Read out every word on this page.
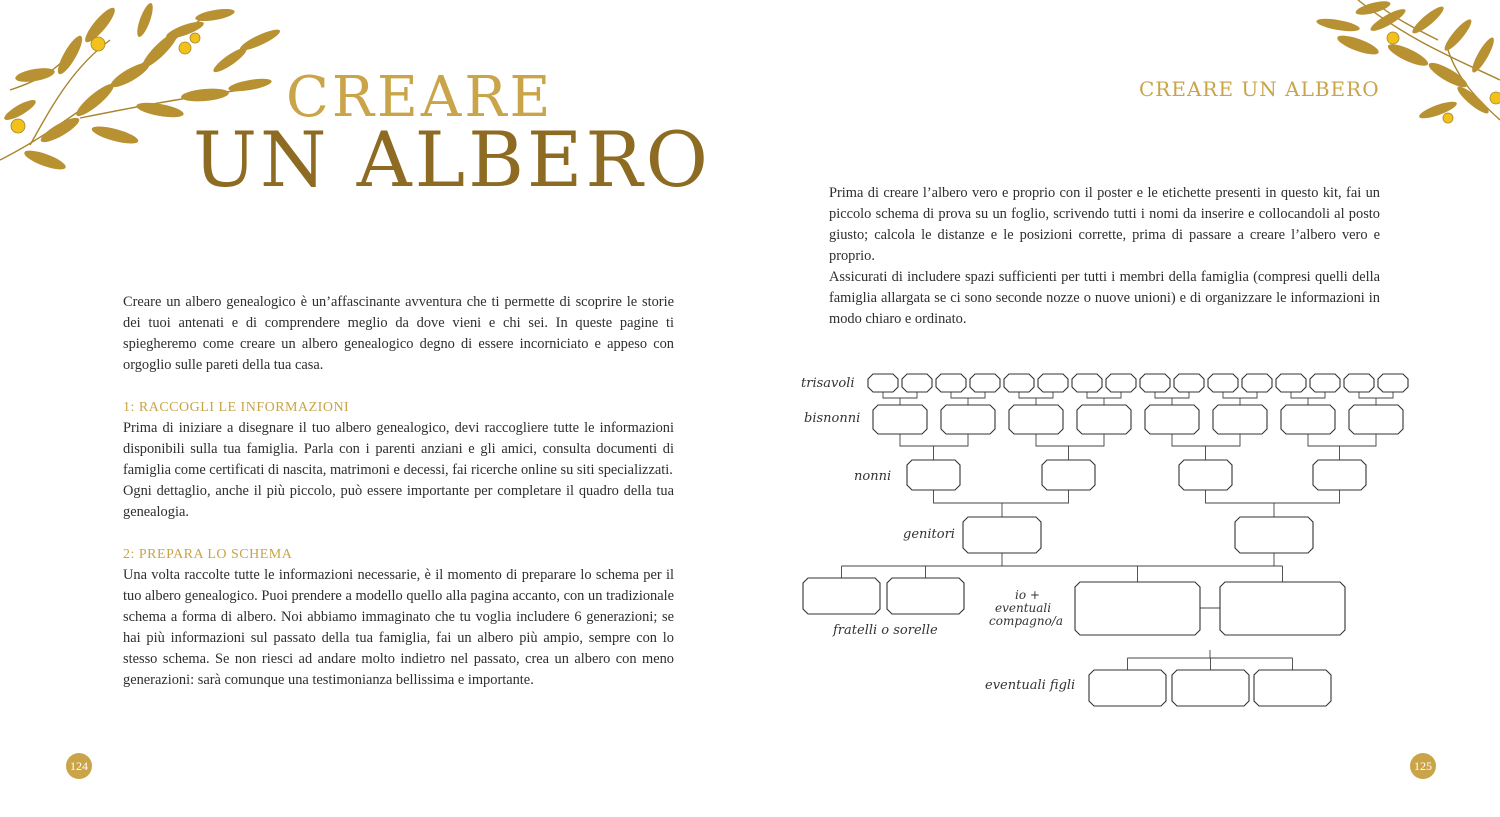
CREARE
UN ALBERO

Creare un albero genealogico è un’affascinante avventura che ti permette di scoprire le storie dei tuoi antenati e di comprendere meglio da dove vieni e chi sei. In queste pagine ti spiegheremo come creare un albero genealogico degno di essere incorniciato e appeso con orgoglio sulle pareti della tua casa.

1: RACCOGLI LE INFORMAZIONI

Prima di iniziare a disegnare il tuo albero genealogico, devi raccogliere tutte le informazioni disponibili sulla tua famiglia. Parla con i parenti anziani e gli amici, consulta documenti di famiglia come certificati di nascita, matrimoni e decessi, fai ricerche online su siti specializzati.

Ogni dettaglio, anche il più piccolo, può essere importante per completare il quadro della tua genealogia.

2: PREPARA LO SCHEMA

Una volta raccolte tutte le informazioni necessarie, è il momento di preparare lo schema per il tuo albero genealogico. Puoi prendere a modello quello alla pagina accanto, con un tradizionale schema a forma di albero. Noi abbiamo immaginato che tu voglia includere 6 generazioni; se hai più informazioni sul passato della tua famiglia, fai un albero più ampio, sempre con lo stesso schema. Se non riesci ad andare molto indietro nel passato, crea un albero con meno generazioni: sarà comunque una testimonianza bellissima e importante.

124
CREARE UN ALBERO

Prima di creare l’albero vero e proprio con il poster e le etichette presenti in questo kit, fai un piccolo schema di prova su un foglio, scrivendo tutti i nomi da inserire e collocandoli al posto giusto; calcola le distanze e le posizioni corrette, prima di passare a creare l’albero vero e proprio.

Assicurati di includere spazi sufficienti per tutti i membri della famiglia (compresi quelli della famiglia allargata se ci sono seconde nozze o nuove unioni) e di organizzare le informazioni in modo chiaro e ordinato.

125
trisavoli
bisnonni
nonni
genitori
fratelli o sorelle
io +
eventuali
compagno/a
eventuali figli
